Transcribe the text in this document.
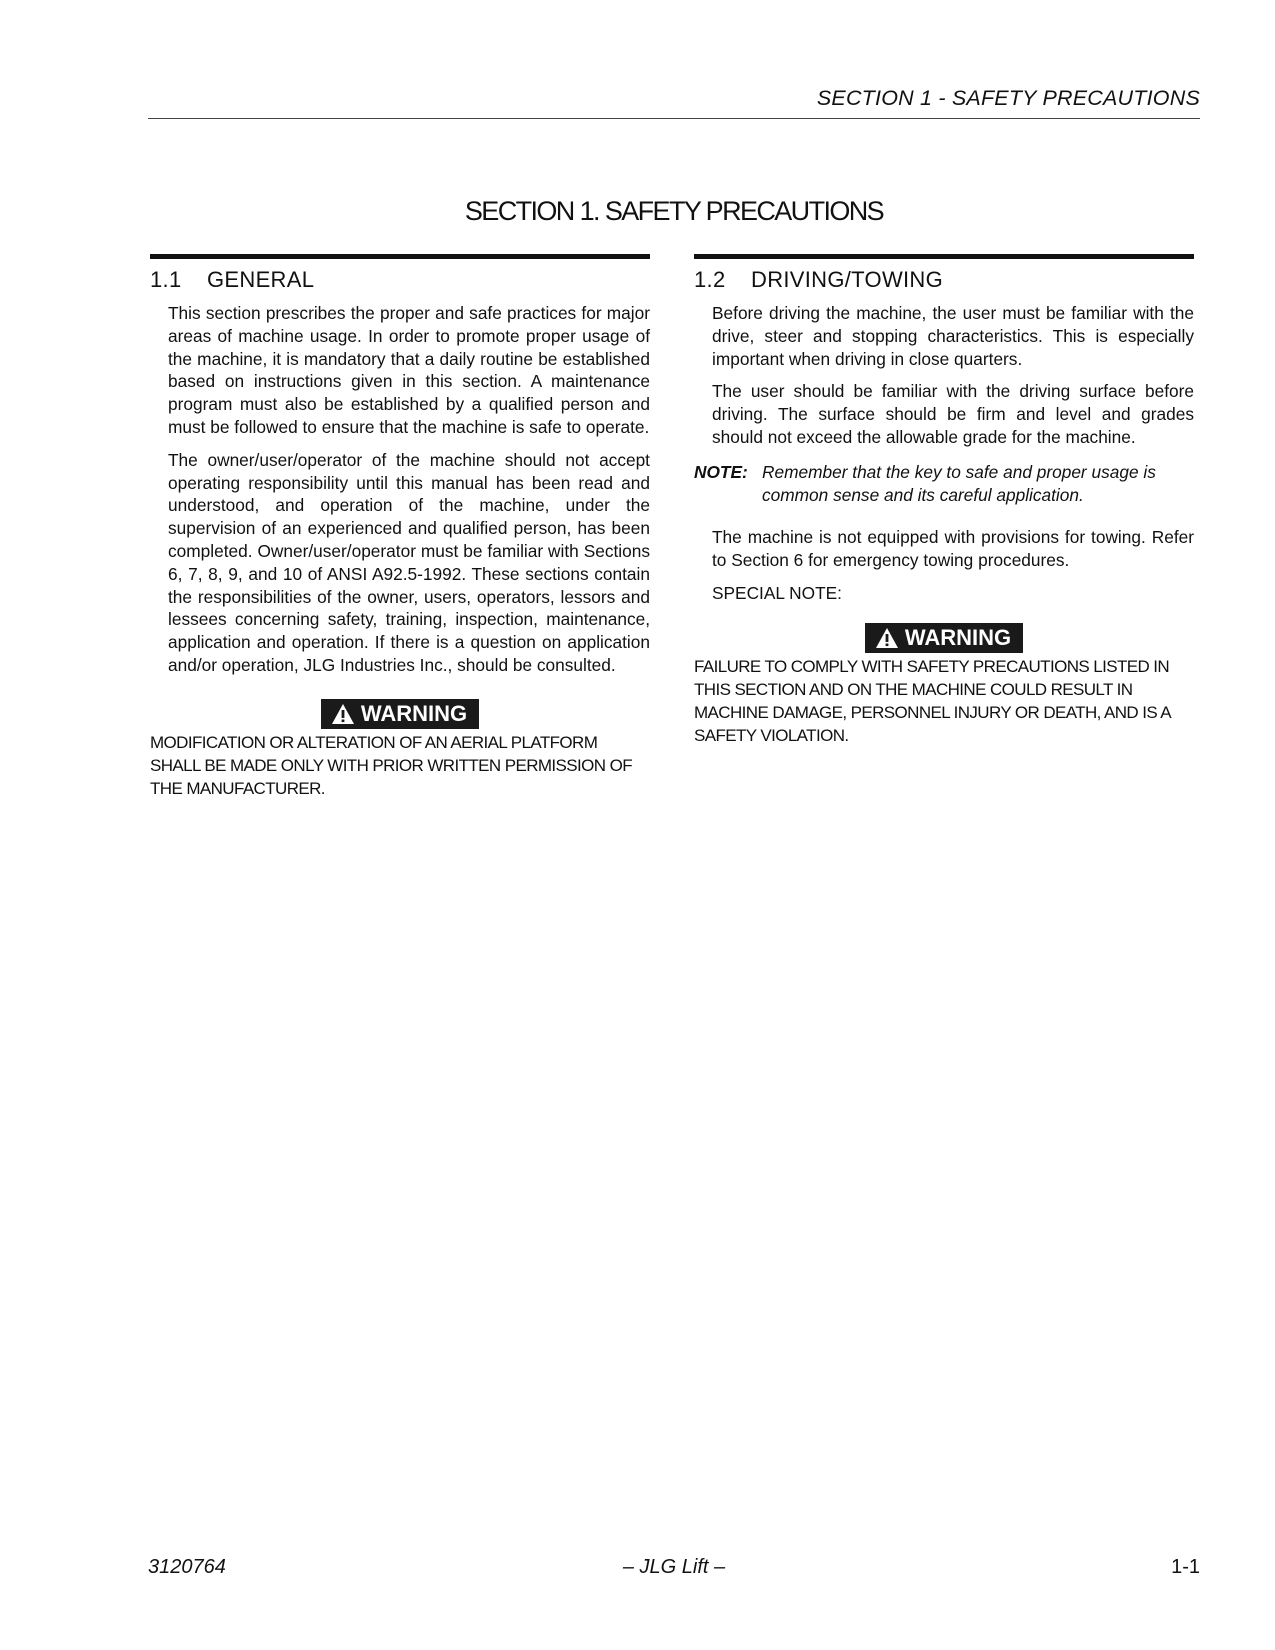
SECTION 1 - SAFETY PRECAUTIONS
SECTION 1. SAFETY PRECAUTIONS
1.1 GENERAL

This section prescribes the proper and safe practices for major areas of machine usage. In order to promote proper usage of the machine, it is mandatory that a daily routine be established based on instructions given in this section. A maintenance program must also be established by a qualified person and must be followed to ensure that the machine is safe to operate.

The owner/user/operator of the machine should not accept operating responsibility until this manual has been read and understood, and operation of the machine, under the supervision of an experienced and qualified person, has been completed. Owner/user/operator must be familiar with Sections 6, 7, 8, 9, and 10 of ANSI A92.5-1992. These sections contain the responsibilities of the owner, users, operators, lessors and lessees concerning safety, training, inspection, maintenance, application and operation. If there is a question on application and/or operation, JLG Industries Inc., should be consulted.

WARNING
MODIFICATION OR ALTERATION OF AN AERIAL PLATFORM SHALL BE MADE ONLY WITH PRIOR WRITTEN PERMISSION OF THE MANUFACTURER.
1.2 DRIVING/TOWING

Before driving the machine, the user must be familiar with the drive, steer and stopping characteristics. This is especially important when driving in close quarters.

The user should be familiar with the driving surface before driving. The surface should be firm and level and grades should not exceed the allowable grade for the machine.

NOTE: Remember that the key to safe and proper usage is common sense and its careful application.

The machine is not equipped with provisions for towing. Refer to Section 6 for emergency towing procedures.

SPECIAL NOTE:

WARNING
FAILURE TO COMPLY WITH SAFETY PRECAUTIONS LISTED IN THIS SECTION AND ON THE MACHINE COULD RESULT IN MACHINE DAMAGE, PERSONNEL INJURY OR DEATH, AND IS A SAFETY VIOLATION.
3120764	– JLG Lift –	1-1
